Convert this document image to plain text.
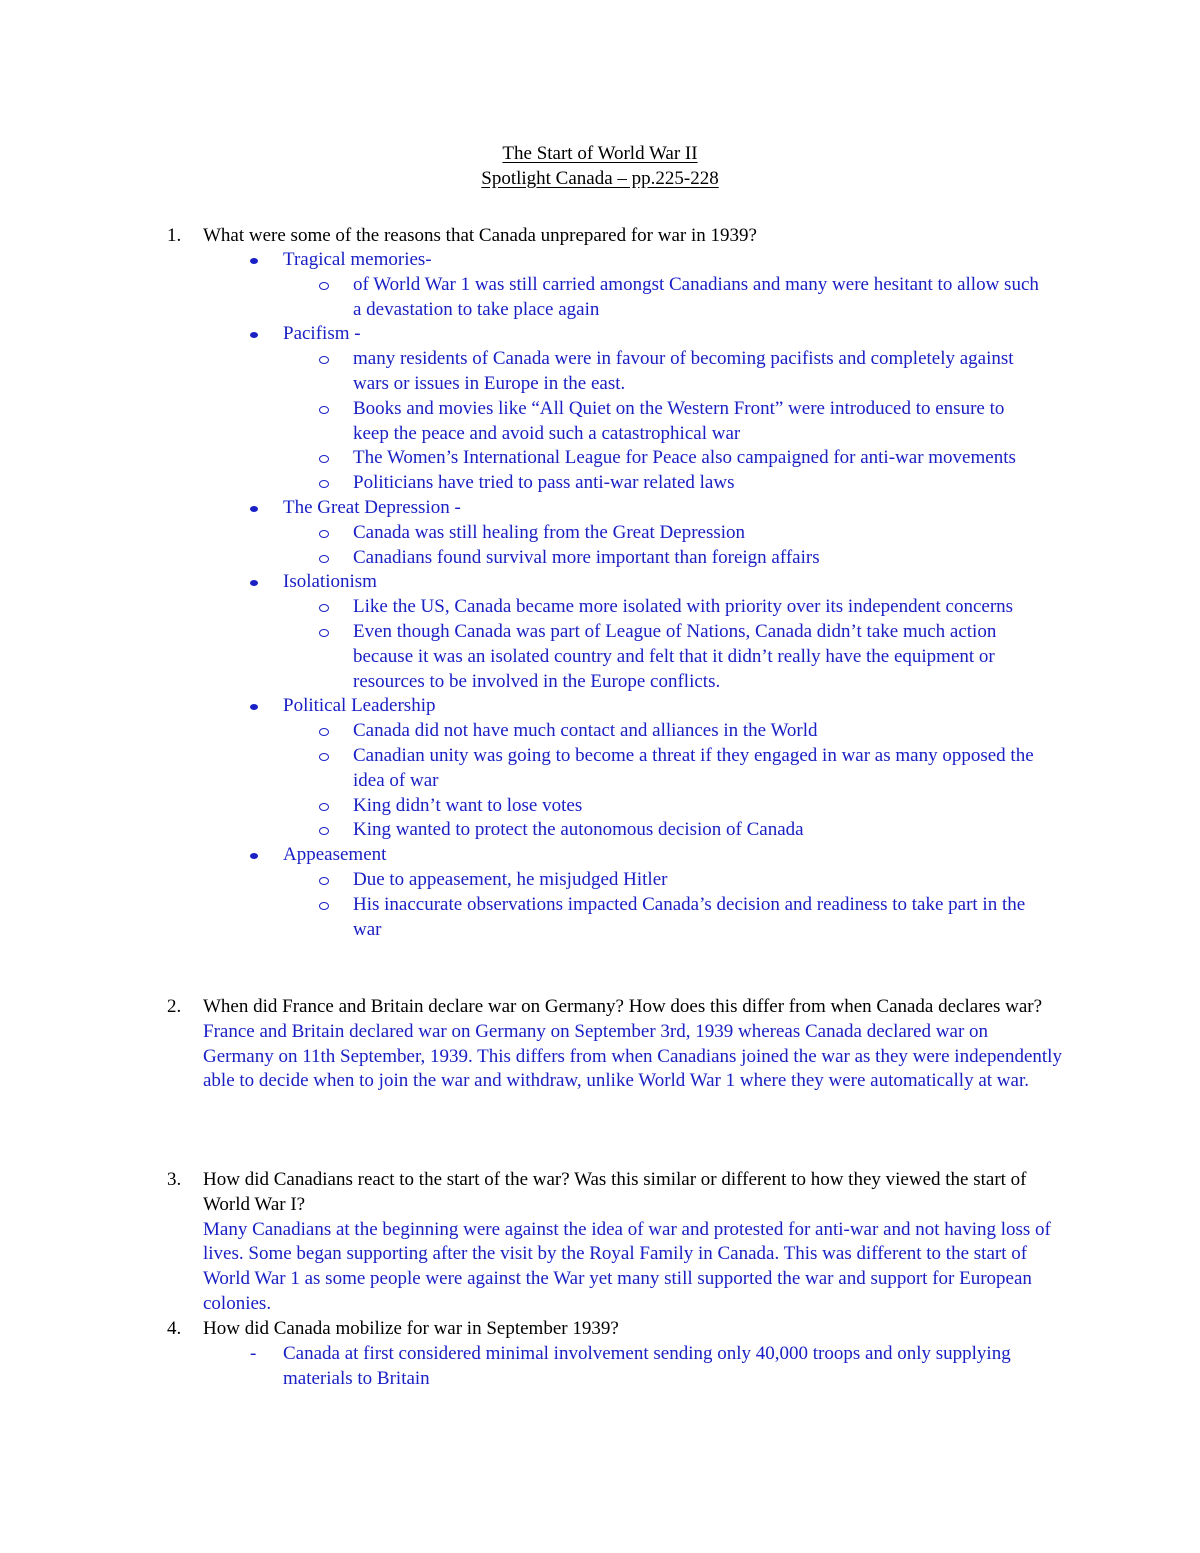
The Start of World War II
Spotlight Canada – pp.225-228
1. What were some of the reasons that Canada unprepared for war in 1939?
Tragical memories-
of World War 1 was still carried amongst Canadians and many were hesitant to allow such a devastation to take place again
Pacifism -
many residents of Canada were in favour of becoming pacifists and completely against wars or issues in Europe in the east.
Books and movies like “All Quiet on the Western Front” were introduced to ensure to keep the peace and avoid such a catastrophical war
The Women’s International League for Peace also campaigned for anti-war movements
Politicians have tried to pass anti-war related laws
The Great Depression -
Canada was still healing from the Great Depression
Canadians found survival more important than foreign affairs
Isolationism
Like the US, Canada became more isolated with priority over its independent concerns
Even though Canada was part of League of Nations, Canada didn’t take much action because it was an isolated country and felt that it didn’t really have the equipment or resources to be involved in the Europe conflicts.
Political Leadership
Canada did not have much contact and alliances in the World
Canadian unity was going to become a threat if they engaged in war as many opposed the idea of war
King didn’t want to lose votes
King wanted to protect the autonomous decision of Canada
Appeasement
Due to appeasement, he misjudged Hitler
His inaccurate observations impacted Canada’s decision and readiness to take part in the war
2. When did France and Britain declare war on Germany? How does this differ from when Canada declares war?
France and Britain declared war on Germany on September 3rd, 1939 whereas Canada declared war on Germany on 11th September, 1939. This differs from when Canadians joined the war as they were independently able to decide when to join the war and withdraw, unlike World War 1 where they were automatically at war.
3. How did Canadians react to the start of the war? Was this similar or different to how they viewed the start of World War I?
Many Canadians at the beginning were against the idea of war and protested for anti-war and not having loss of lives. Some began supporting after the visit by the Royal Family in Canada. This was different to the start of World War 1 as some people were against the War yet many still supported the war and support for European colonies.
4. How did Canada mobilize for war in September 1939?
- Canada at first considered minimal involvement sending only 40,000 troops and only supplying materials to Britain
